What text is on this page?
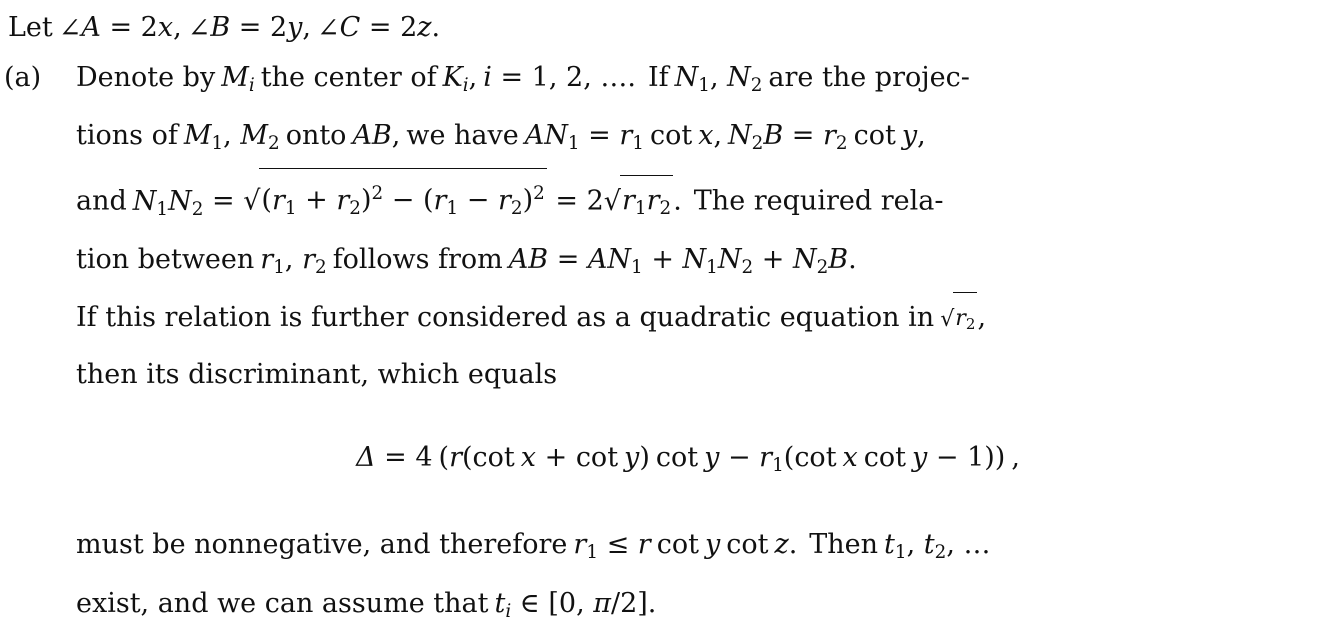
Let ∠A = 2x, ∠B = 2y, ∠C = 2z.
(a) Denote by $M_i$ the center of $K_i$, i = 1, 2, …. If N1, N2 are the projec-
tions of M1, M2 onto AB, we have AN1 = r1 cot x, N2B = r2 cot y,
and $N1N2 = √(r1 + r2)^2 - (r1 - r2)^2 = 2√r1r2$. The required rela-
tion between r1, r2 follows from AB = AN1 + N1N2 + N2B.
If this relation is further considered as a quadratic equation in √r2,
then its discriminant, which equals
Δ = 4 (r(cot x + cot y) cot y − r1(cot x cot y − 1)) ,
must be nonnegative, and therefore r1 ≤ r cot y cot z. Then t1, t2, …
exist, and we can assume that $t_i$ ∈ [0, π/2].
